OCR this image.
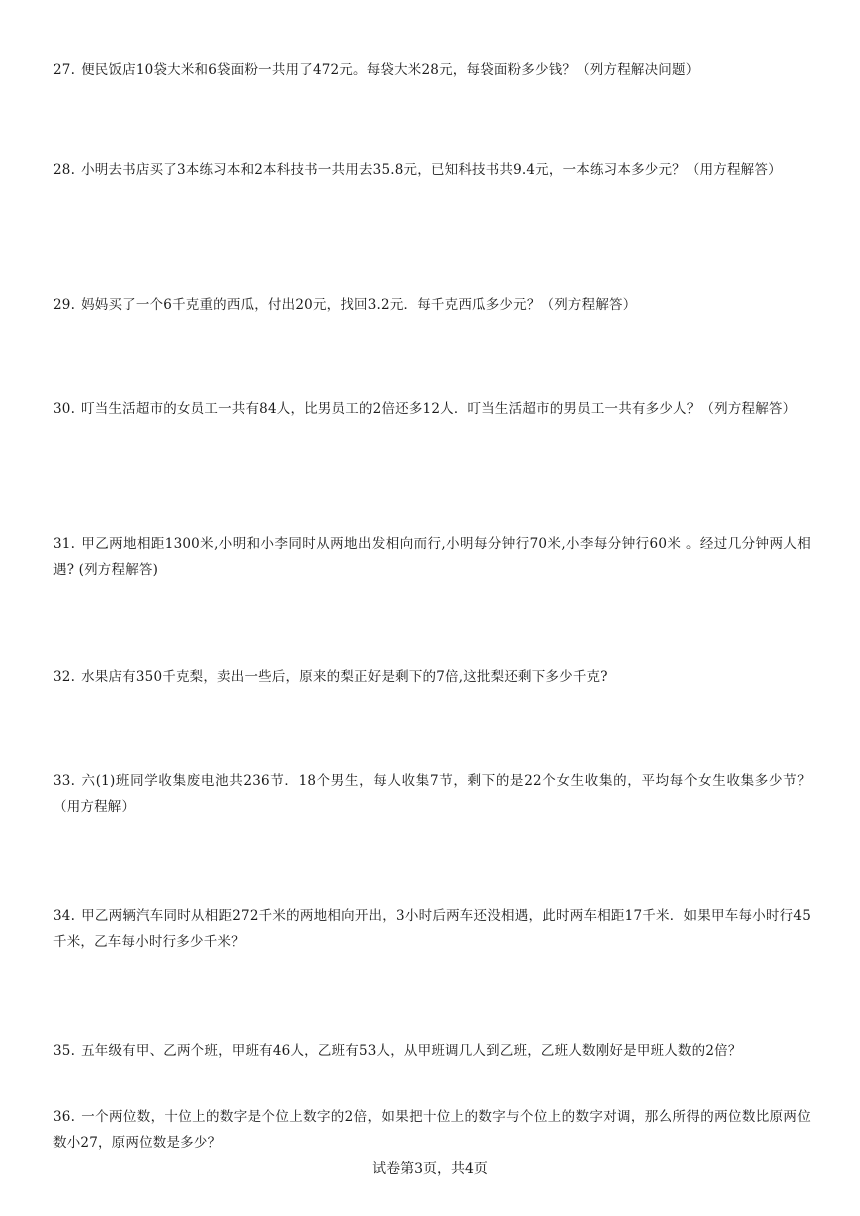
27. 便民饭店10袋大米和6袋面粉一共用了472元。每袋大米28元，每袋面粉多少钱？（列方程解决问题）
28. 小明去书店买了3本练习本和2本科技书一共用去35.8元，已知科技书共9.4元，一本练习本多少元？（用方程解答）
29. 妈妈买了一个6千克重的西瓜，付出20元，找回3.2元．每千克西瓜多少元？（列方程解答）
30. 叮当生活超市的女员工一共有84人，比男员工的2倍还多12人．叮当生活超市的男员工一共有多少人？（列方程解答）
31. 甲乙两地相距1300米,小明和小李同时从两地出发相向而行,小明每分钟行70米,小李每分钟行60米 。经过几分钟两人相遇? (列方程解答)
32. 水果店有350千克梨，卖出一些后，原来的梨正好是剩下的7倍,这批梨还剩下多少千克?
33. 六(1)班同学收集废电池共236节．18个男生，每人收集7节，剩下的是22个女生收集的，平均每个女生收集多少节？（用方程解）
34. 甲乙两辆汽车同时从相距272千米的两地相向开出，3小时后两车还没相遇，此时两车相距17千米．如果甲车每小时行45千米，乙车每小时行多少千米？
35. 五年级有甲、乙两个班，甲班有46人，乙班有53人，从甲班调几人到乙班，乙班人数刚好是甲班人数的2倍？
36. 一个两位数，十位上的数字是个位上数字的2倍，如果把十位上的数字与个位上的数字对调，那么所得的两位数比原两位数小27，原两位数是多少？
试卷第3页，共4页
